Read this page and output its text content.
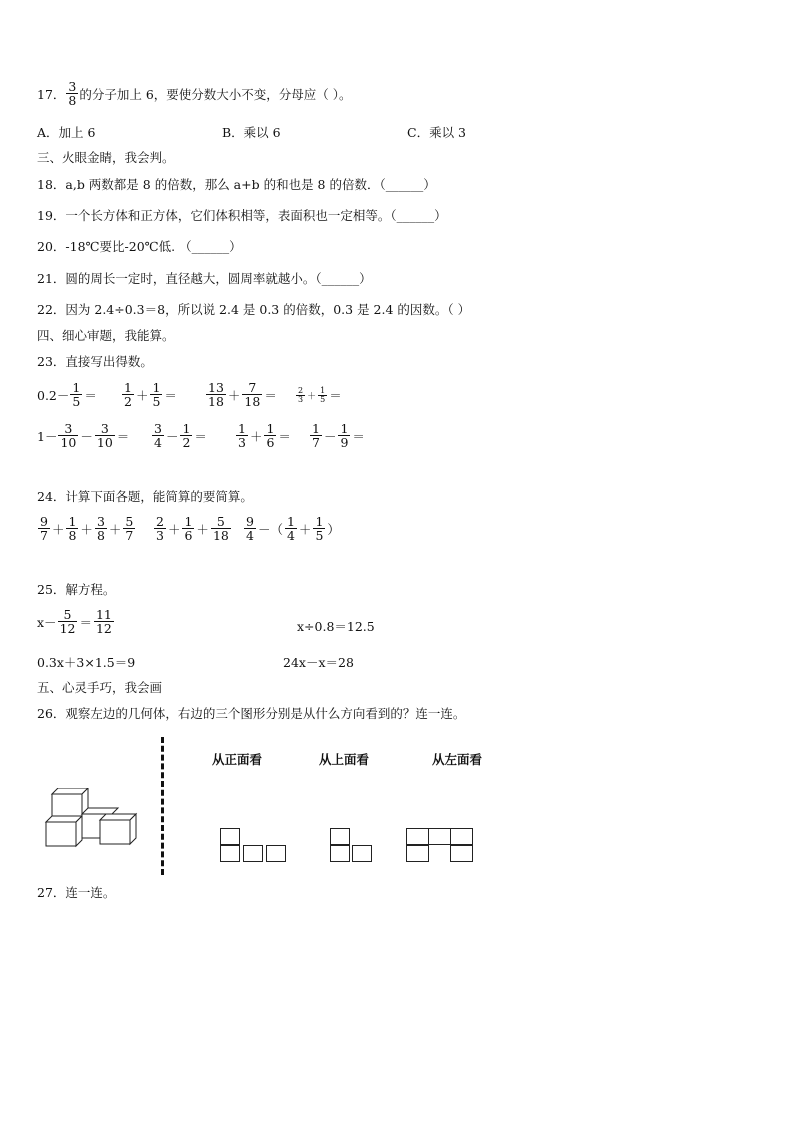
17． $\frac{3}{8}$ 的分子加上 6，要使分数大小不变，分母应（ ）。
A．加上 6	B．乘以 6	C．乘以 3
三、火眼金睛，我会判。
18．a,b 两数都是 8 的倍数，那么 a+b 的和也是 8 的倍数．（______）
19．一个长方体和正方体，它们体积相等，表面积也一定相等。（______）
20．-18℃要比-20℃低. （______）
21．圆的周长一定时，直径越大，圆周率就越小。（______）
22．因为 2.4÷0.3＝8，所以说 2.4 是 0.3 的倍数，0.3 是 2.4 的因数。（ ）
四、细心审题，我能算。
23．直接写出得数。
$0.2- \frac{1}{5} = \frac{1}{2} + \frac{1}{5} = \frac{13}{18} + \frac{7}{18} = \frac{2}{3} + \frac{1}{5}$ ＝
$1- \frac{3}{10} - \frac{3}{10} = \frac{3}{4} - \frac{1}{2} = \frac{1}{3} + \frac{1}{6} = \frac{1}{7} - \frac{1}{9}$ ＝
24．计算下面各题，能简算的要简算。
$\frac{9}{7} + \frac{1}{8} + \frac{3}{8} + \frac{5}{7} \frac{2}{3} + \frac{1}{6} + \frac{5}{18} \frac{9}{4}$ －（ $\frac{1}{4} + \frac{1}{5}$ ）
25．解方程。
$x- \frac{5}{12} = \frac{11}{12}$	x÷0.8＝12.5
0.3x＋3×1.5＝9	24x－x＝28
五、心灵手巧，我会画
26．观察左边的几何体，右边的三个图形分别是从什么方向看到的？连一连。
从正面看	从上面看	从左面看
27．连一连。
